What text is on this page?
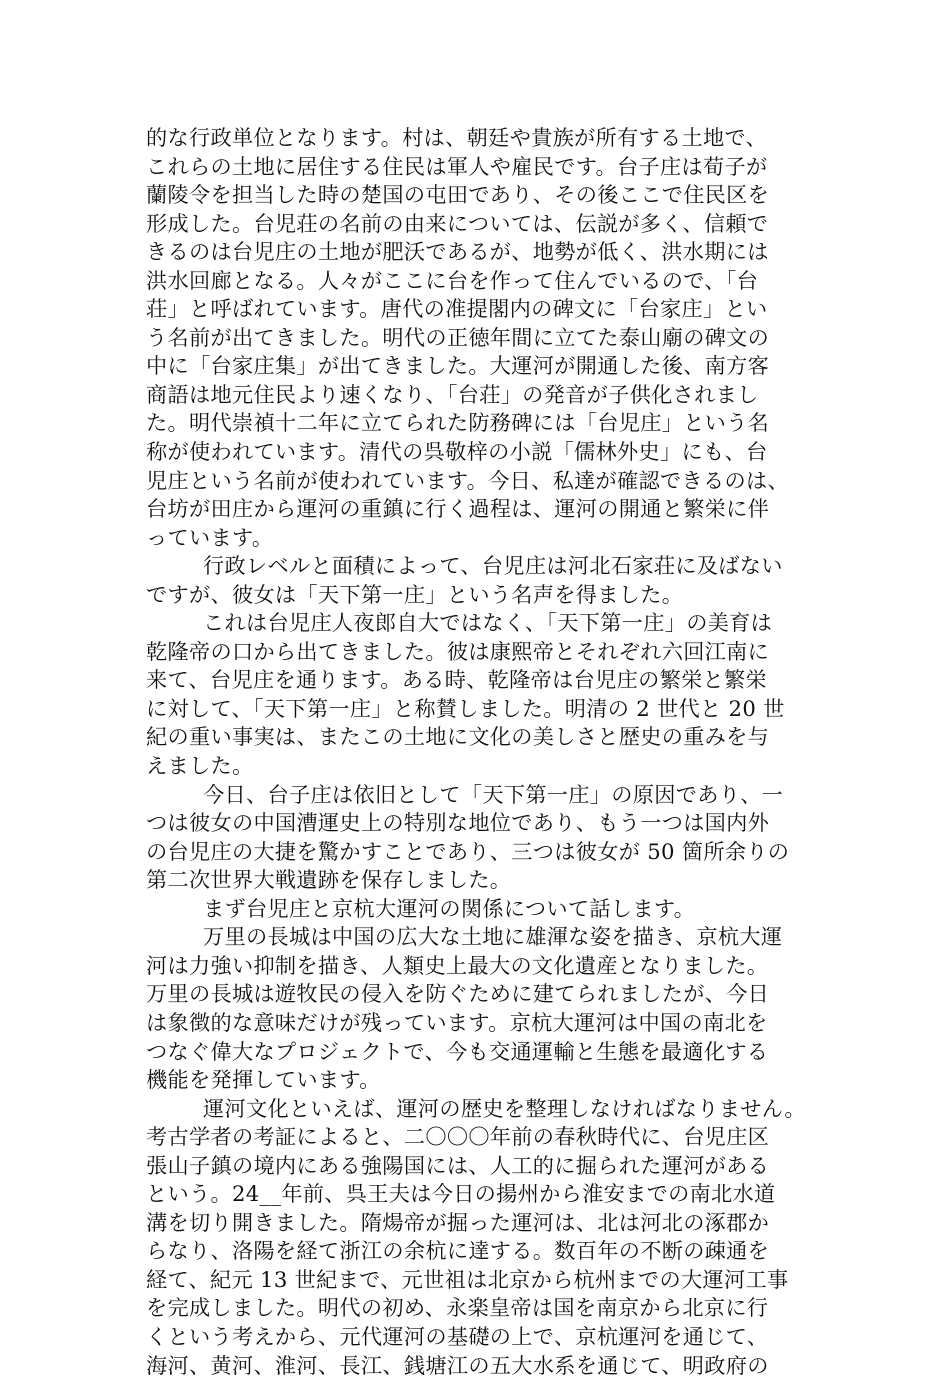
的な行政単位となります。村は、朝廷や貴族が所有する土地で、
これらの土地に居住する住民は軍人や雇民です。台子庄は荀子が
蘭陵令を担当した時の楚国の屯田であり、その後ここで住民区を
形成した。台児荘の名前の由来については、伝説が多く、信頼で
きるのは台児庄の土地が肥沃であるが、地勢が低く、洪水期には
洪水回廊となる。人々がここに台を作って住んでいるので、「台
荘」と呼ばれています。唐代の准提閣内の碑文に「台家庄」とい
う名前が出てきました。明代の正徳年間に立てた泰山廟の碑文の
中に「台家庄集」が出てきました。大運河が開通した後、南方客
商語は地元住民より速くなり、「台荘」の発音が子供化されまし
た。明代崇禎十二年に立てられた防務碑には「台児庄」という名
称が使われています。清代の呉敬梓の小説「儒林外史」にも、台
児庄という名前が使われています。今日、私達が確認できるのは、
台坊が田庄から運河の重鎮に行く過程は、運河の開通と繁栄に伴
っています。
行政レベルと面積によって、台児庄は河北石家荘に及ばない
ですが、彼女は「天下第一庄」という名声を得ました。
これは台児庄人夜郎自大ではなく、「天下第一庄」の美育は
乾隆帝の口から出てきました。彼は康熙帝とそれぞれ六回江南に
来て、台児庄を通ります。ある時、乾隆帝は台児庄の繁栄と繁栄
に対して、「天下第一庄」と称賛しました。明清の 2 世代と 20 世
紀の重い事実は、またこの土地に文化の美しさと歴史の重みを与
えました。
今日、台子庄は依旧として「天下第一庄」の原因であり、一
つは彼女の中国漕運史上の特別な地位であり、もう一つは国内外
の台児庄の大捷を驚かすことであり、三つは彼女が 50 箇所余りの
第二次世界大戦遺跡を保存しました。
まず台児庄と京杭大運河の関係について話します。
万里の長城は中国の広大な土地に雄渾な姿を描き、京杭大運
河は力強い抑制を描き、人類史上最大の文化遺産となりました。
万里の長城は遊牧民の侵入を防ぐために建てられましたが、今日
は象徴的な意味だけが残っています。京杭大運河は中国の南北を
つなぐ偉大なプロジェクトで、今も交通運輸と生態を最適化する
機能を発揮しています。
運河文化といえば、運河の歴史を整理しなければなりません。
考古学者の考証によると、二〇〇〇年前の春秋時代に、台児庄区
張山子鎮の境内にある強陽国には、人工的に掘られた運河がある
という。24__年前、呉王夫は今日の揚州から淮安までの南北水道
溝を切り開きました。隋煬帝が掘った運河は、北は河北の涿郡か
らなり、洛陽を経て浙江の余杭に達する。数百年の不断の疎通を
経て、紀元 13 世紀まで、元世祖は北京から杭州までの大運河工事
を完成しました。明代の初め、永楽皇帝は国を南京から北京に行
くという考えから、元代運河の基礎の上で、京杭運河を通じて、
海河、黄河、淮河、長江、銭塘江の五大水系を通じて、明政府の
